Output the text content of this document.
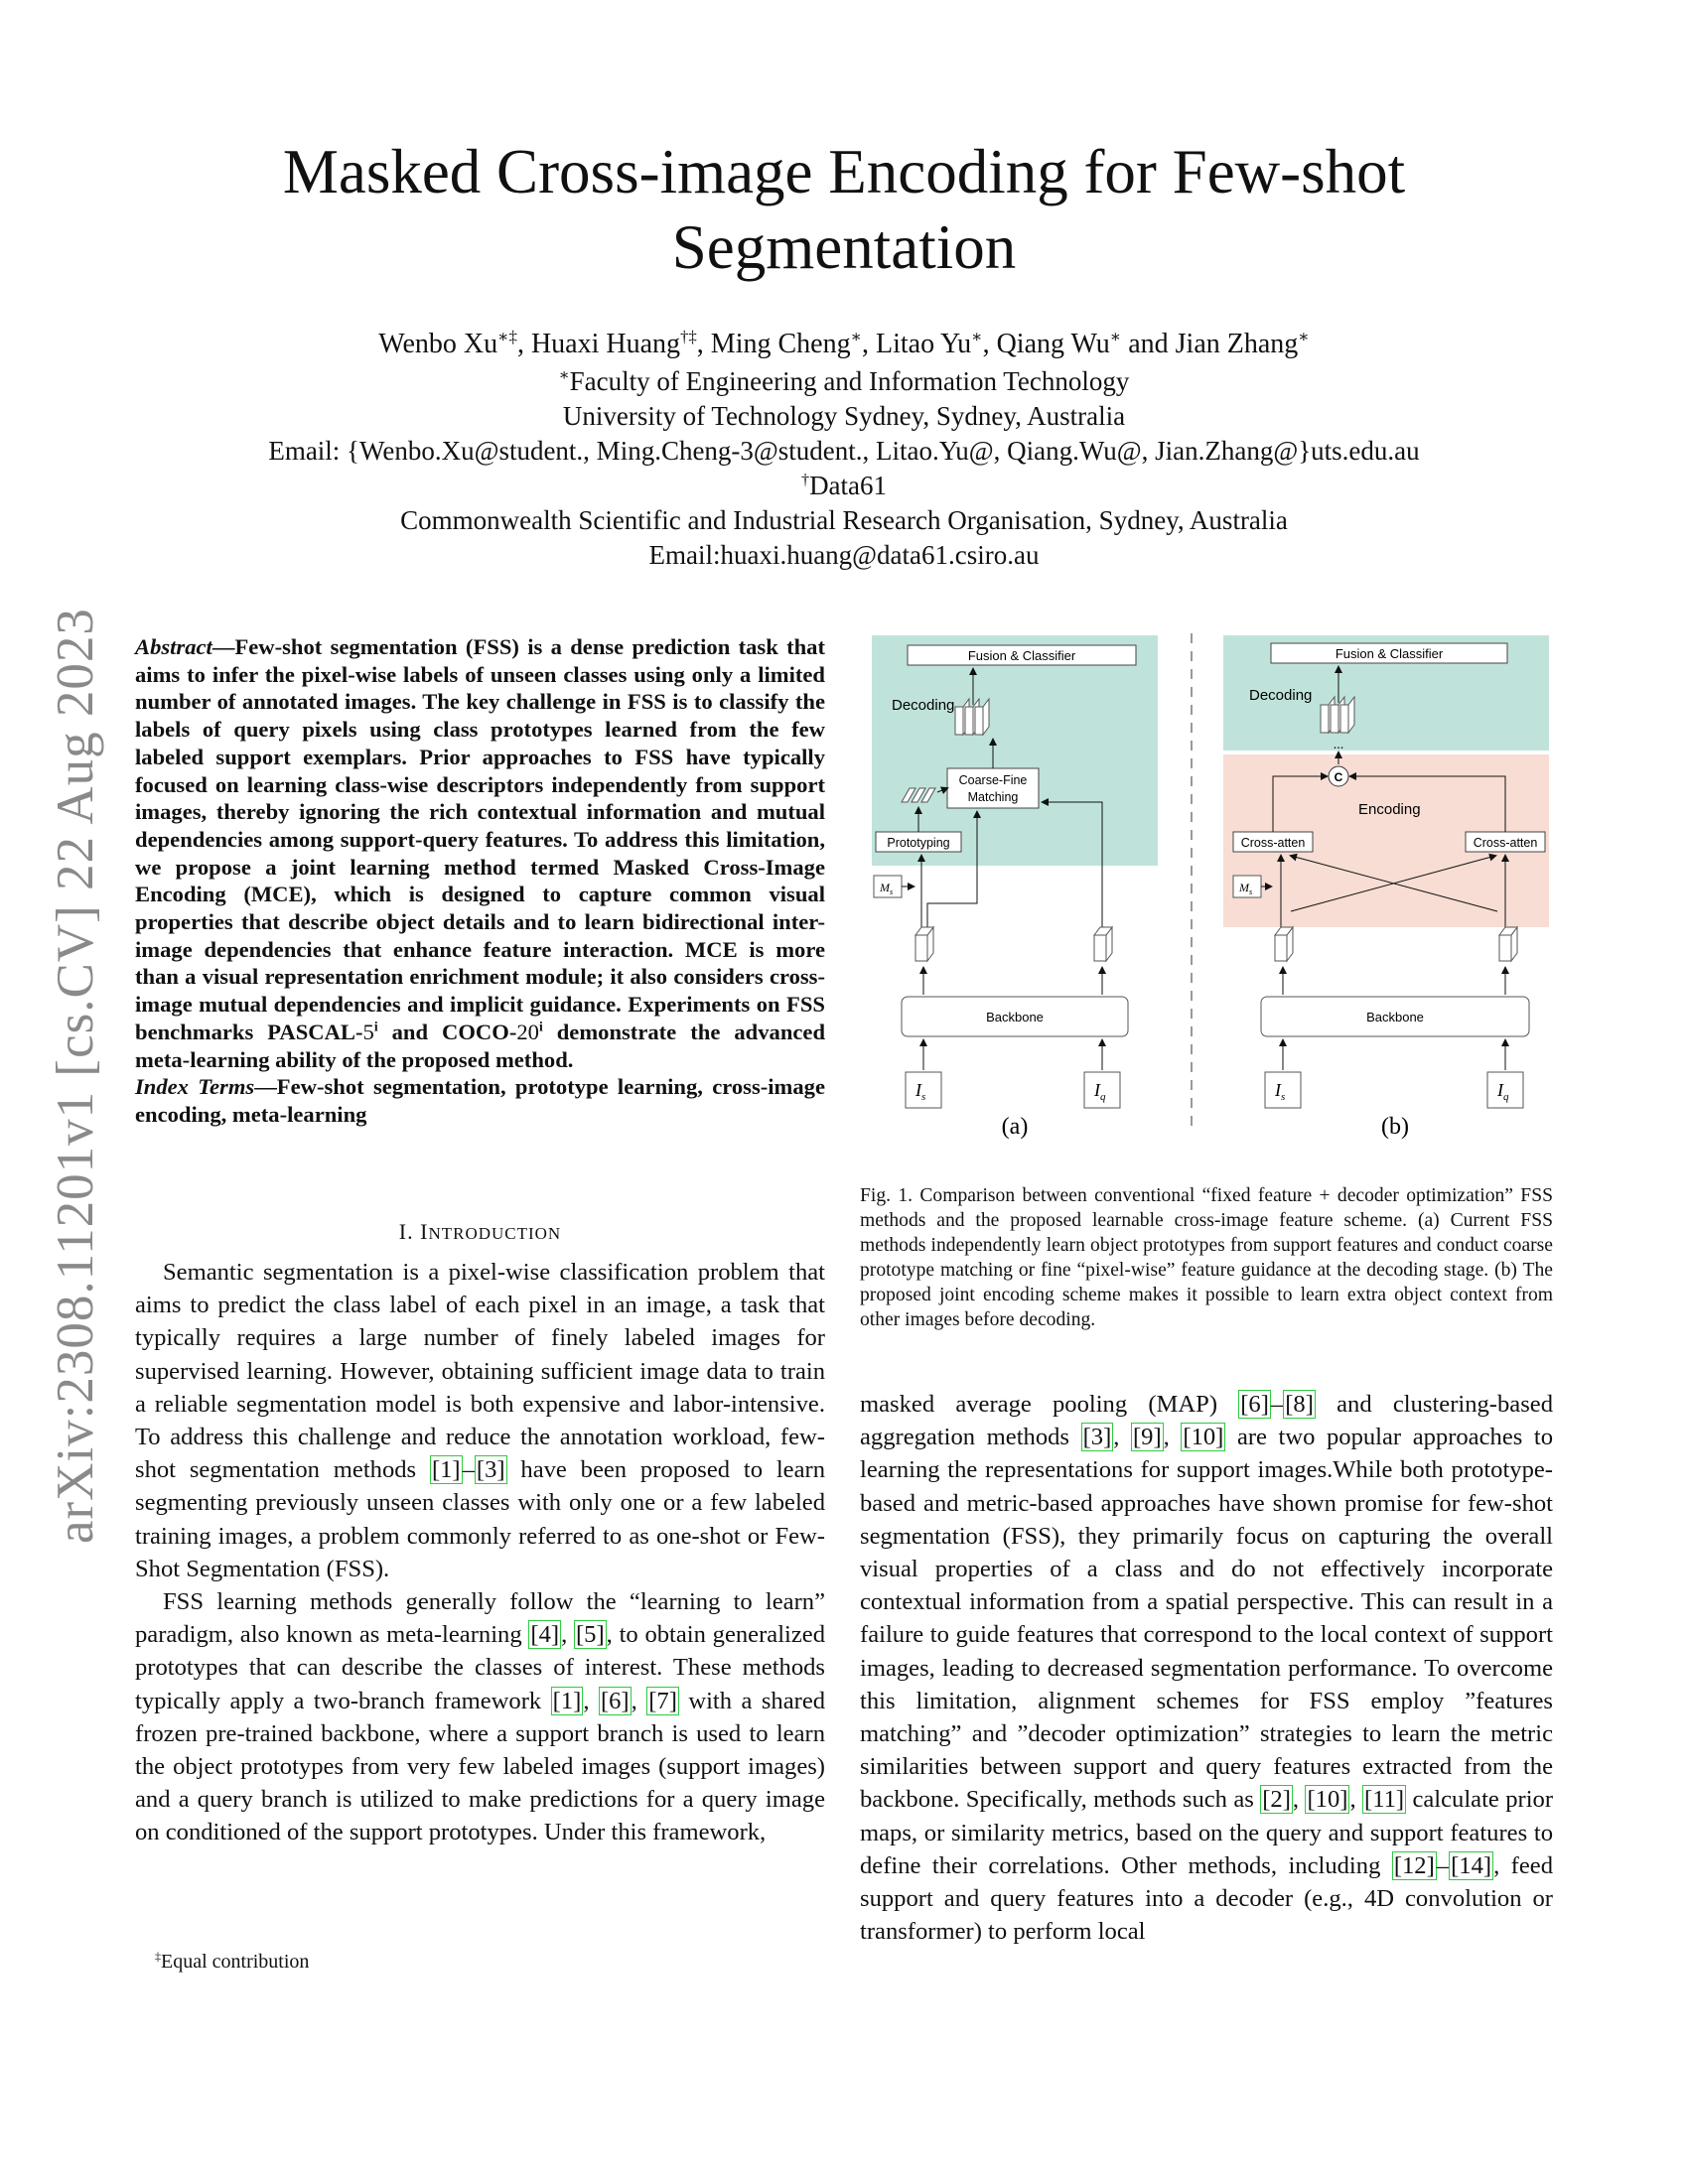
arXiv:2308.11201v1 [cs.CV] 22 Aug 2023
Masked Cross-image Encoding for Few-shot
Segmentation
Wenbo Xu∗‡, Huaxi Huang†‡, Ming Cheng∗, Litao Yu∗, Qiang Wu∗ and Jian Zhang∗
∗Faculty of Engineering and Information Technology
University of Technology Sydney, Sydney, Australia
Email: {Wenbo.Xu@student., Ming.Cheng-3@student., Litao.Yu@, Qiang.Wu@, Jian.Zhang@}uts.edu.au
†Data61
Commonwealth Scientific and Industrial Research Organisation, Sydney, Australia
Email:huaxi.huang@data61.csiro.au

Abstract—Few-shot segmentation (FSS) is a dense prediction task that aims to infer the pixel-wise labels of unseen classes using only a limited number of annotated images. The key challenge in FSS is to classify the labels of query pixels using class prototypes learned from the few labeled support exemplars. Prior approaches to FSS have typically focused on learning class-wise descriptors independently from support images, thereby ignoring the rich contextual information and mutual dependencies among support-query features. To address this limitation, we propose a joint learning method termed Masked Cross-Image Encoding (MCE), which is designed to capture common visual properties that describe object details and to learn bidirectional inter-image dependencies that enhance feature interaction. MCE is more than a visual representation enrichment module; it also considers cross-image mutual dependencies and implicit guidance. Experiments on FSS benchmarks PASCAL-5$^i$ and COCO-20$^i$ demonstrate the advanced meta-learning ability of the proposed method.

Index Terms—Few-shot segmentation, prototype learning, cross-image encoding, meta-learning

I. INTRODUCTION

Semantic segmentation is a pixel-wise classification problem that aims to predict the class label of each pixel in an image, a task that typically requires a large number of finely labeled images for supervised learning. However, obtaining sufficient image data to train a reliable segmentation model is both expensive and labor-intensive. To address this challenge and reduce the annotation workload, few-shot segmentation methods [1]–[3] have been proposed to learn segmenting previously unseen classes with only one or a few labeled training images, a problem commonly referred to as one-shot or Few-Shot Segmentation (FSS).

FSS learning methods generally follow the “learning to learn” paradigm, also known as meta-learning [4], [5], to obtain generalized prototypes that can describe the classes of interest. These methods typically apply a two-branch framework [1], [6], [7] with a shared frozen pre-trained backbone, where a support branch is used to learn the object prototypes from very few labeled images (support images) and a query branch is utilized to make predictions for a query image on conditioned of the support prototypes. Under this framework,

‡Equal contribution
Fusion & Classifier
Decoding
Coarse-Fine
Matching
Prototyping
$M_s$
Backbone
$I_s$	$I_q$
(a)
Fusion & Classifier
Decoding
...
C
Encoding
Cross-atten	Cross-atten
$M_s$
Backbone
$I_s$	$I_q$
(b)
Fig. 1. Comparison between conventional “fixed feature + decoder optimization” FSS methods and the proposed learnable cross-image feature scheme. (a) Current FSS methods independently learn object prototypes from support features and conduct coarse prototype matching or fine “pixel-wise” feature guidance at the decoding stage. (b) The proposed joint encoding scheme makes it possible to learn extra object context from other images before decoding.

masked average pooling (MAP) [6]–[8] and clustering-based aggregation methods [3], [9], [10] are two popular approaches to learning the representations for support images.While both prototype-based and metric-based approaches have shown promise for few-shot segmentation (FSS), they primarily focus on capturing the overall visual properties of a class and do not effectively incorporate contextual information from a spatial perspective. This can result in a failure to guide features that correspond to the local context of support images, leading to decreased segmentation performance. To overcome this limitation, alignment schemes for FSS employ ”features matching” and ”decoder optimization” strategies to learn the metric similarities between support and query features extracted from the backbone. Specifically, methods such as [2], [10], [11] calculate prior maps, or similarity metrics, based on the query and support features to define their correlations. Other methods, including [12]–[14], feed support and query features into a decoder (e.g., 4D convolution or transformer) to perform local
